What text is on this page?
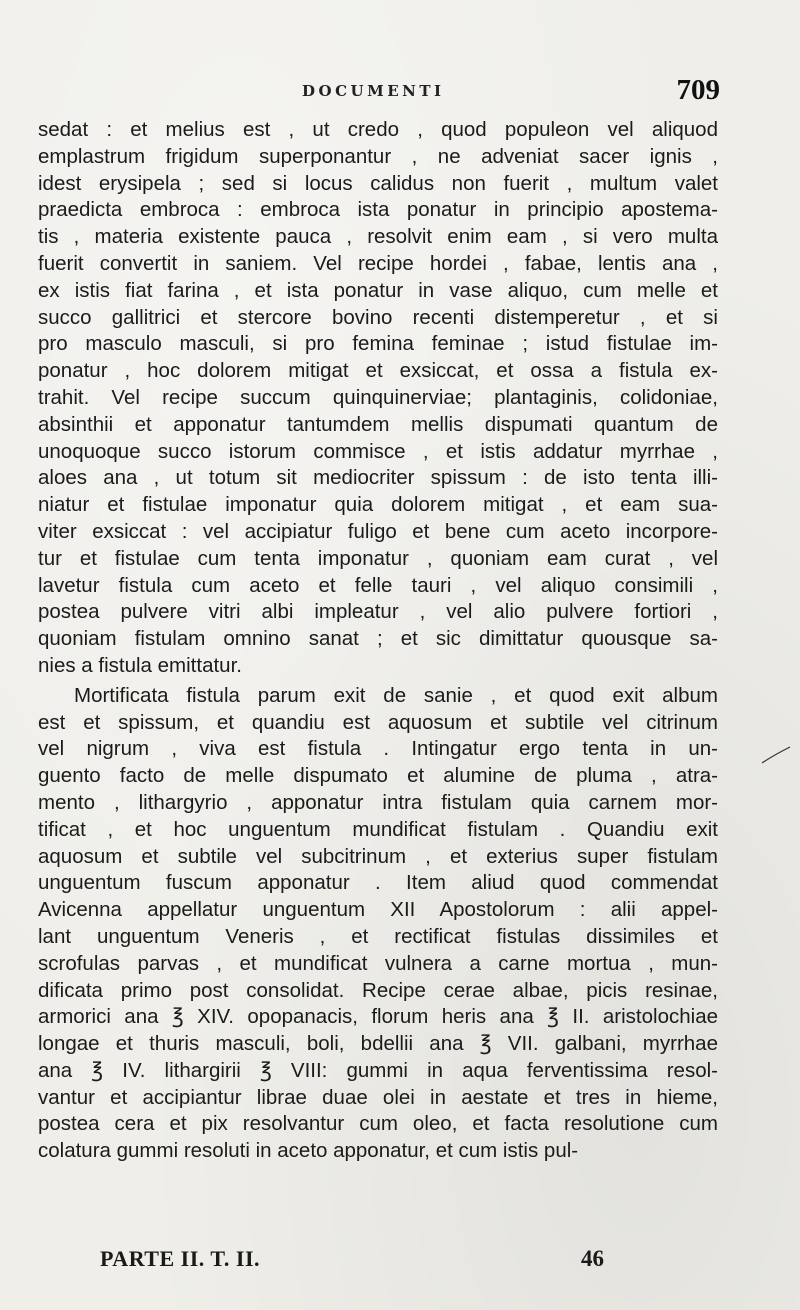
DOCUMENTI	709
sedat : et melius est , ut credo , quod populeon vel aliquod
emplastrum frigidum superponantur , ne adveniat sacer ignis ,
idest erysipela ; sed si locus calidus non fuerit , multum valet
praedicta embroca : embroca ista ponatur in principio apostema-
tis , materia existente pauca , resolvit enim eam , si vero multa
fuerit convertit in saniem. Vel recipe hordei , fabae, lentis ana ,
ex istis fiat farina , et ista ponatur in vase aliquo, cum melle et
succo gallitrici et stercore bovino recenti distemperetur , et si
pro masculo masculi, si pro femina feminae ; istud fistulae im-
ponatur , hoc dolorem mitigat et exsiccat, et ossa a fistula ex-
trahit. Vel recipe succum quinquinerviae; plantaginis, colidoniae,
absinthii et apponatur tantumdem mellis dispumati quantum de
unoquoque succo istorum commisce , et istis addatur myrrhae ,
aloes ana , ut totum sit mediocriter spissum : de isto tenta illi-
niatur et fistulae imponatur quia dolorem mitigat , et eam sua-
viter exsiccat : vel accipiatur fuligo et bene cum aceto incorpore-
tur et fistulae cum tenta imponatur , quoniam eam curat , vel
lavetur fistula cum aceto et felle tauri , vel aliquo consimili ,
postea pulvere vitri albi impleatur , vel alio pulvere fortiori ,
quoniam fistulam omnino sanat ; et sic dimittatur quousque sa-
nies a fistula emittatur.
Mortificata fistula parum exit de sanie , et quod exit album
est et spissum, et quandiu est aquosum et subtile vel citrinum
vel nigrum , viva est fistula . Intingatur ergo tenta in un-
guento facto de melle dispumato et alumine de pluma , atra-
mento , lithargyrio , apponatur intra fistulam quia carnem mor-
tificat , et hoc unguentum mundificat fistulam . Quandiu exit
aquosum et subtile vel subcitrinum , et exterius super fistulam
unguentum fuscum apponatur . Item aliud quod commendat
Avicenna appellatur unguentum XII Apostolorum : alii appel-
lant unguentum Veneris , et rectificat fistulas dissimiles et
scrofulas parvas , et mundificat vulnera a carne mortua , mun-
dificata primo post consolidat. Recipe cerae albae, picis resinae,
armorici ana ℥ XIV. opopanacis, florum heris ana ℥ II. aristolochiae
longae et thuris masculi, boli, bdellii ana ℥ VII. galbani, myrrhae
ana ℥ IV. lithargirii ℥ VIII: gummi in aqua ferventissima resol-
vantur et accipiantur librae duae olei in aestate et tres in hieme,
postea cera et pix resolvantur cum oleo, et facta resolutione cum
colatura gummi resoluti in aceto apponatur, et cum istis pul-
PARTE II. T. II.	46
